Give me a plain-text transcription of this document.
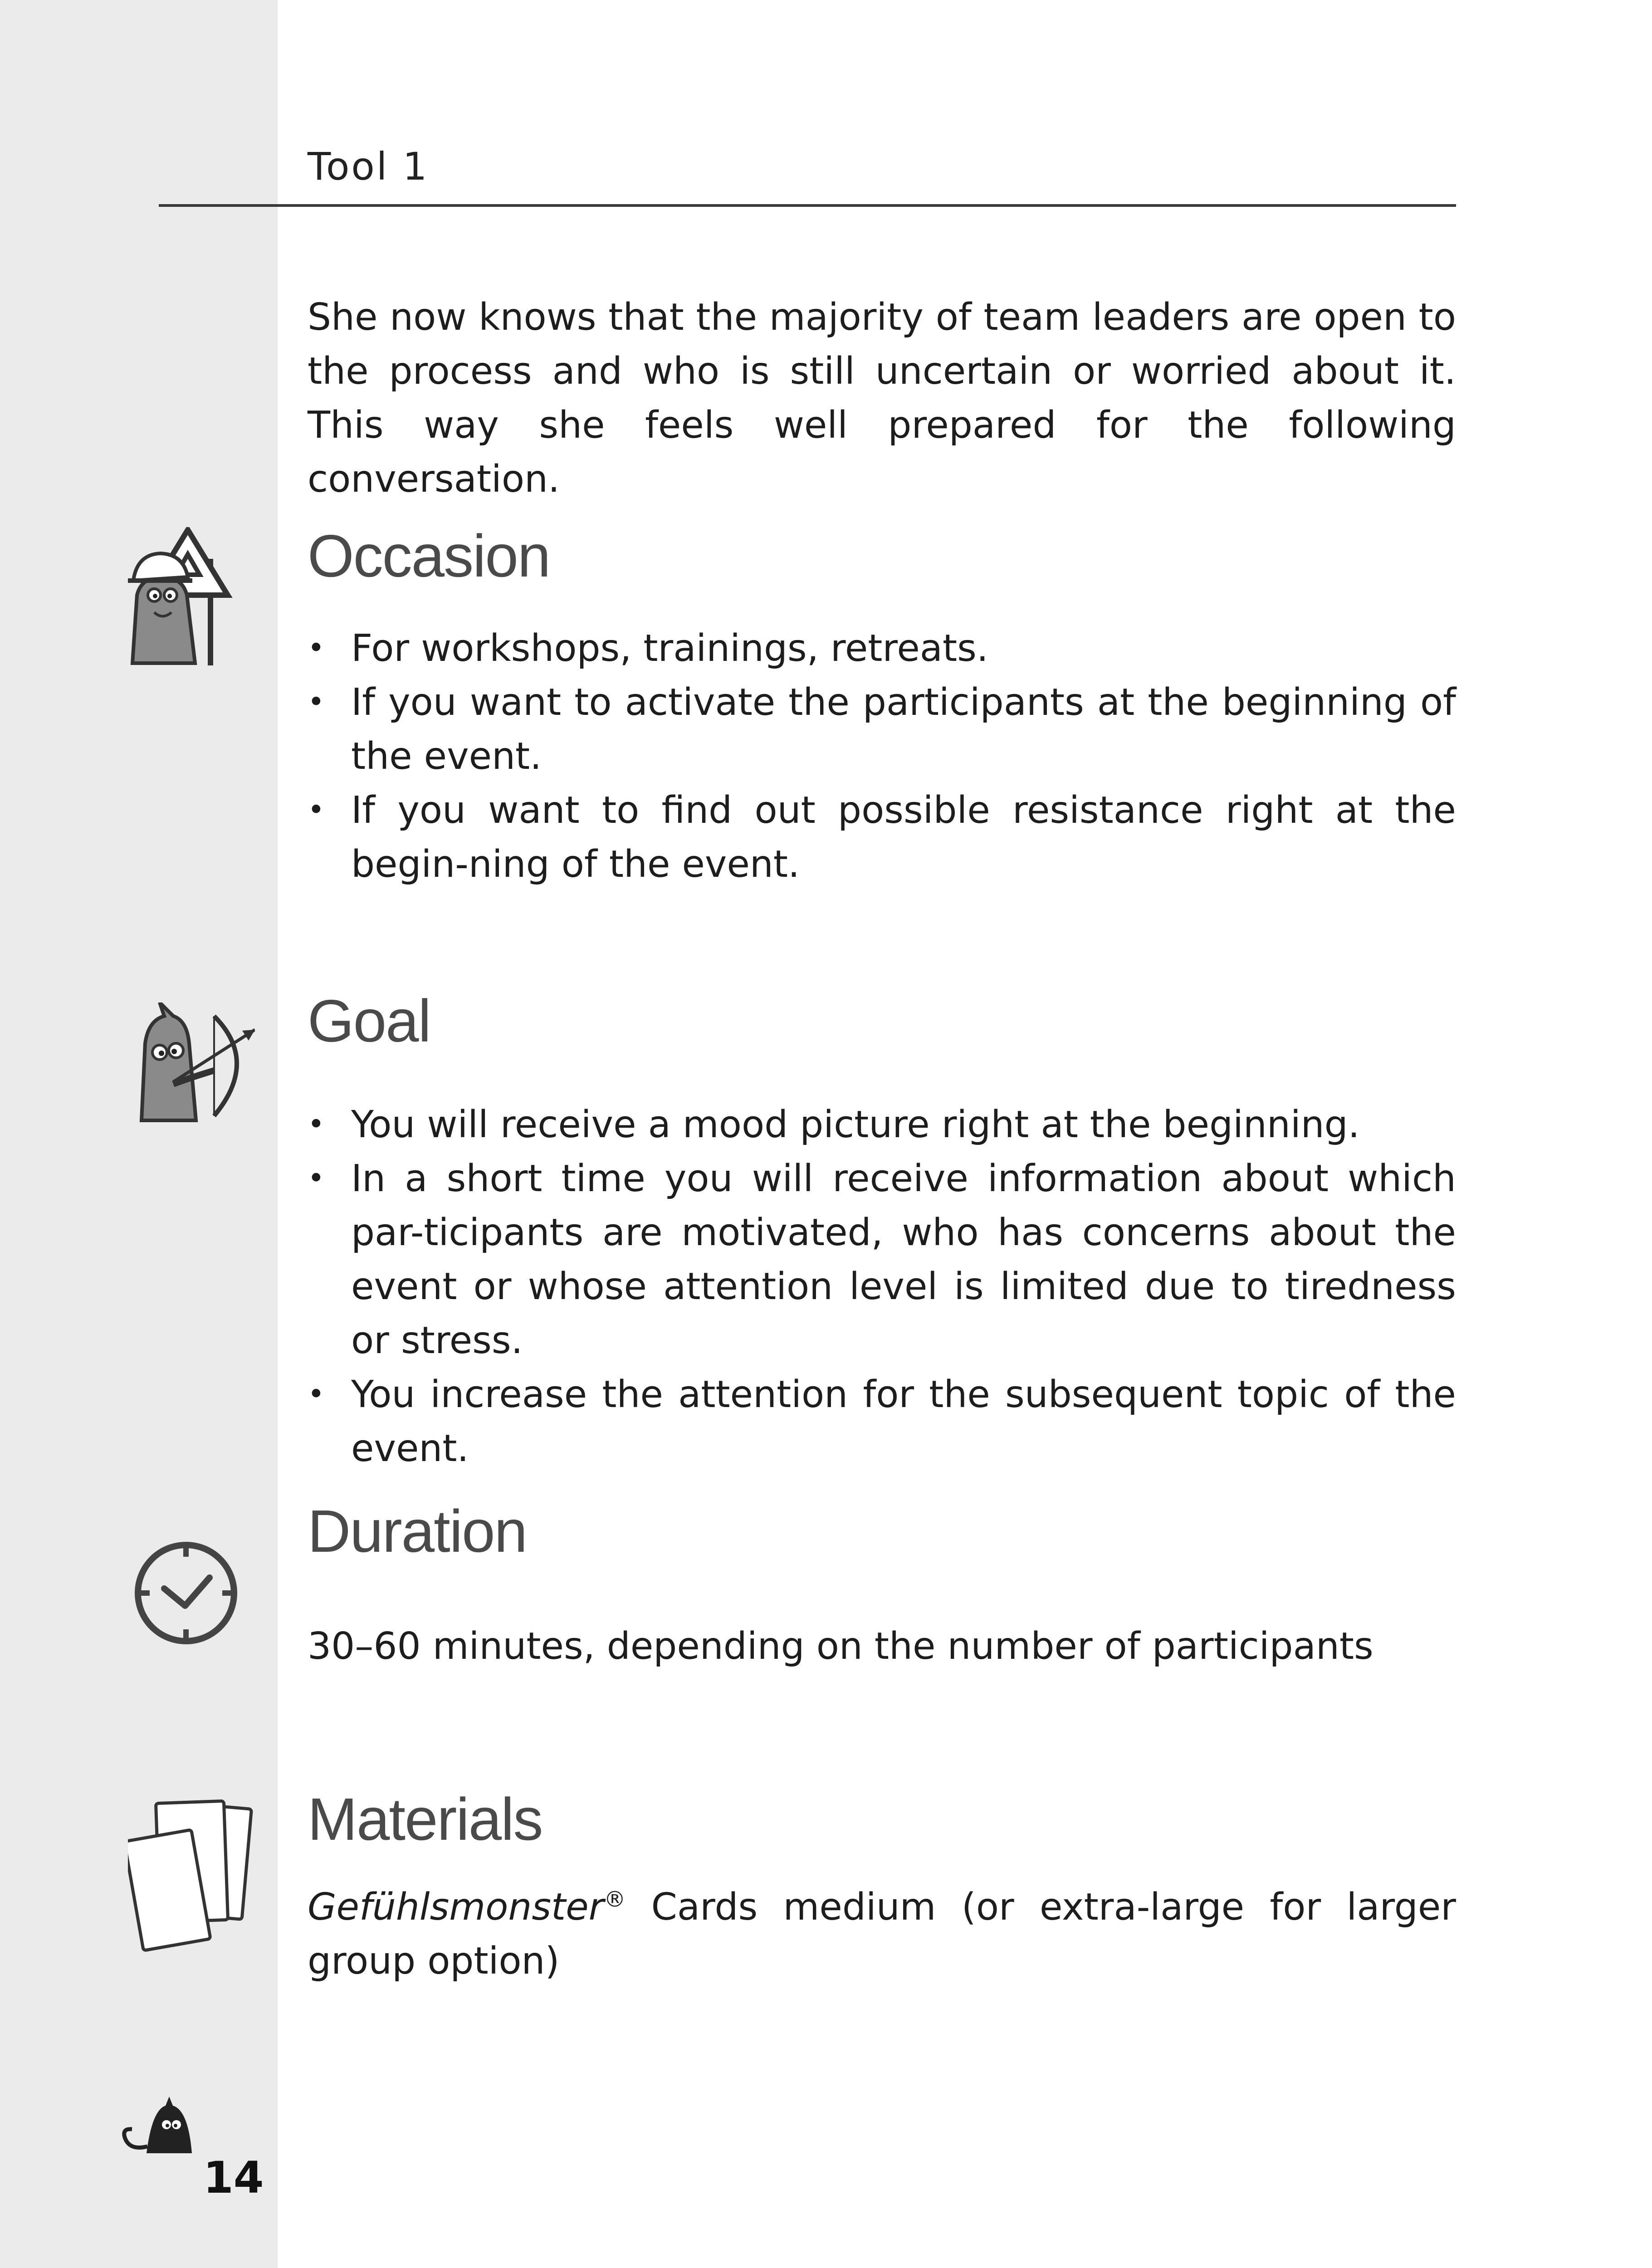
Tool 1

She now knows that the majority of team leaders are open to the process and who is still uncertain or worried about it. This way she feels well prepared for the following conversation.

Occasion
• For workshops, trainings, retreats.
• If you want to activate the participants at the beginning of the event.
• If you want to find out possible resistance right at the begin-ning of the event.
Goal
• You will receive a mood picture right at the beginning.
• In a short time you will receive information about which par-ticipants are motivated, who has concerns about the event or whose attention level is limited due to tiredness or stress.
• You increase the attention for the subsequent topic of the event.
Duration

30–60 minutes, depending on the number of participants

Materials

Gefühlsmonster® Cards medium (or extra-large for larger group option)

14
